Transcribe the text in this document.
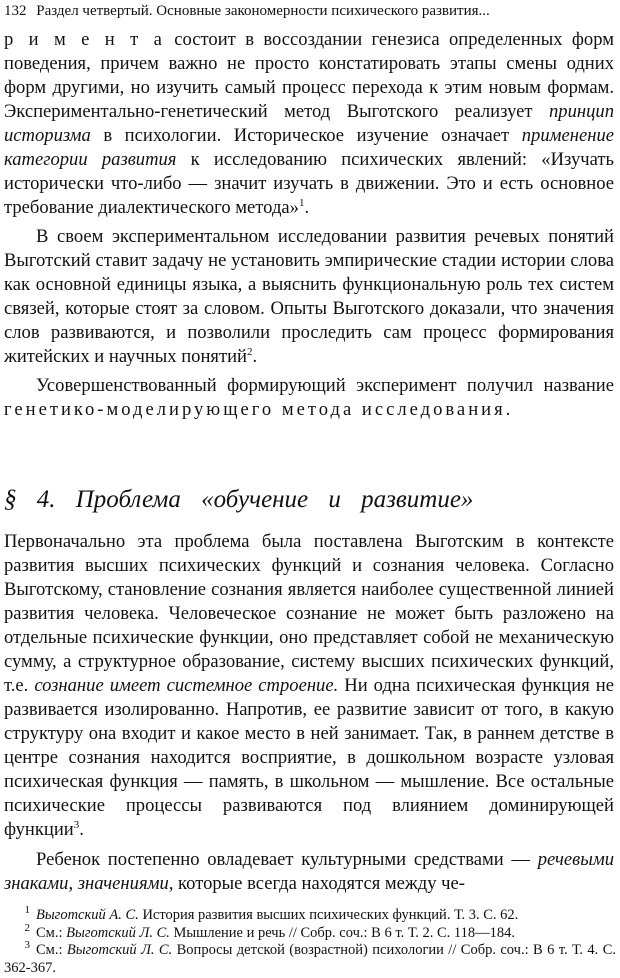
132 Раздел четвертый. Основные закономерности психического развития...

р и м е н т а состоит в воссоздании генезиса определенных форм поведения, причем важно не просто констатировать этапы смены одних форм другими, но изучить самый процесс перехода к этим новым формам. Экспериментально-генетический метод Выготского реализует принцип историзма в психологии. Историческое изучение означает применение категории развития к исследованию психических явлений: «Изучать исторически что-либо — значит изучать в движении. Это и есть основное требование диалектического метода»$^1$.

В своем экспериментальном исследовании развития речевых понятий Выготский ставит задачу не установить эмпирические стадии истории слова как основной единицы языка, а выяснить функциональную роль тех систем связей, которые стоят за словом. Опыты Выготского доказали, что значения слов развиваются, и позволили проследить сам процесс формирования житейских и научных понятий$^2$.

Усовершенствованный формирующий эксперимент получил название генетико-моделирующего метода исследования.

§ 4. Проблема «обучение и развитие»

Первоначально эта проблема была поставлена Выготским в контексте развития высших психических функций и сознания человека. Согласно Выготскому, становление сознания является наиболее существенной линией развития человека. Человеческое сознание не может быть разложено на отдельные психические функции, оно представляет собой не механическую сумму, а структурное образование, систему высших психических функций, т.е. сознание имеет системное строение. Ни одна психическая функция не развивается изолированно. Напротив, ее развитие зависит от того, в какую структуру она входит и какое место в ней занимает. Так, в раннем детстве в центре сознания находится восприятие, в дошкольном возрасте узловая психическая функция — память, в школьном — мышление. Все остальные психические процессы развиваются под влиянием доминирующей функции$^3$.

Ребенок постепенно овладевает культурными средствами — речевыми знаками, значениями, которые всегда находятся между че-

1 Выготский А. С. История развития высших психических функций. Т. 3. С. 62.

2 См.: Выготский Л. С. Мышление и речь // Собр. соч.: В 6 т. Т. 2. С. 118—184.

3 См.: Выготский Л. С. Вопросы детской (возрастной) психологии // Собр. соч.: В 6 т. Т. 4. С. 362-367.
